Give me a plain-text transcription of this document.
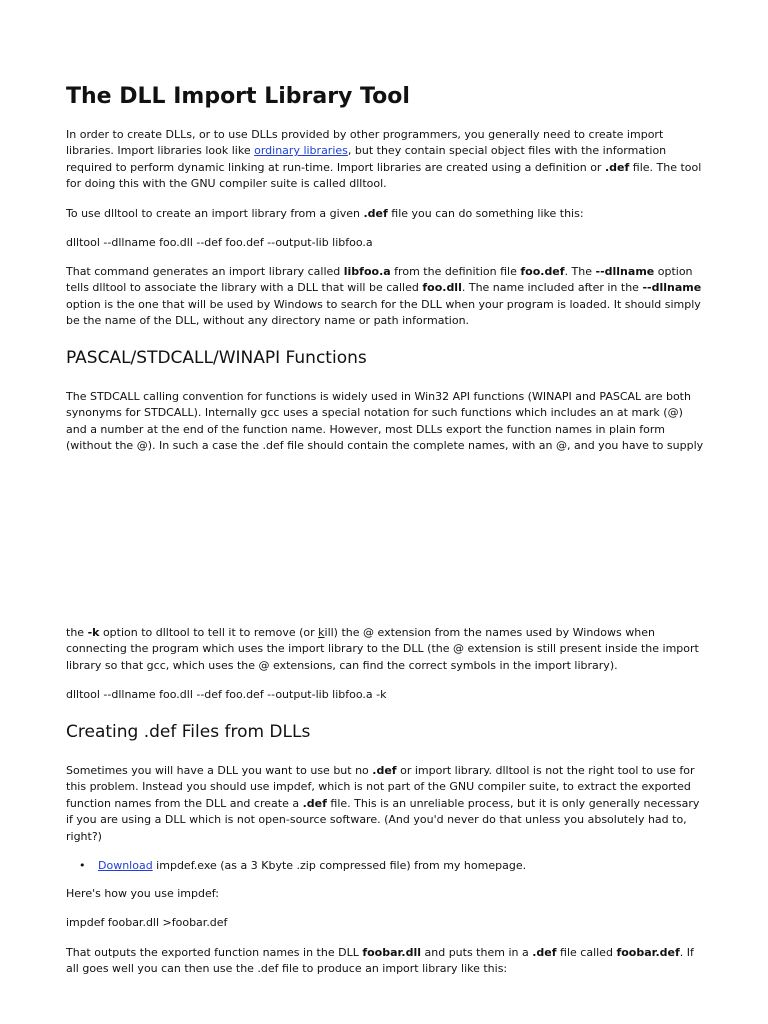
The DLL Import Library Tool

In order to create DLLs, or to use DLLs provided by other programmers, you generally need to create import libraries. Import libraries look like ordinary libraries, but they contain special object files with the information required to perform dynamic linking at run-time. Import libraries are created using a definition or .def file. The tool for doing this with the GNU compiler suite is called dlltool.

To use dlltool to create an import library from a given .def file you can do something like this:

dlltool --dllname foo.dll --def foo.def --output-lib libfoo.a

That command generates an import library called libfoo.a from the definition file foo.def. The --dllname option tells dlltool to associate the library with a DLL that will be called foo.dll. The name included after in the --dllname option is the one that will be used by Windows to search for the DLL when your program is loaded. It should simply be the name of the DLL, without any directory name or path information.

PASCAL/STDCALL/WINAPI Functions

The STDCALL calling convention for functions is widely used in Win32 API functions (WINAPI and PASCAL are both synonyms for STDCALL). Internally gcc uses a special notation for such functions which includes an at mark (@) and a number at the end of the function name. However, most DLLs export the function names in plain form (without the @). In such a case the .def file should contain the complete names, with an @, and you have to supply

the -k option to dlltool to tell it to remove (or kill) the @ extension from the names used by Windows when connecting the program which uses the import library to the DLL (the @ extension is still present inside the import library so that gcc, which uses the @ extensions, can find the correct symbols in the import library).

dlltool --dllname foo.dll --def foo.def --output-lib libfoo.a -k

Creating .def Files from DLLs

Sometimes you will have a DLL you want to use but no .def or import library. dlltool is not the right tool to use for this problem. Instead you should use impdef, which is not part of the GNU compiler suite, to extract the exported function names from the DLL and create a .def file. This is an unreliable process, but it is only generally necessary if you are using a DLL which is not open-source software. (And you'd never do that unless you absolutely had to, right?)

• Download impdef.exe (as a 3 Kbyte .zip compressed file) from my homepage.

Here's how you use impdef:

impdef foobar.dll >foobar.def

That outputs the exported function names in the DLL foobar.dll and puts them in a .def file called foobar.def. If all goes well you can then use the .def file to produce an import library like this:
